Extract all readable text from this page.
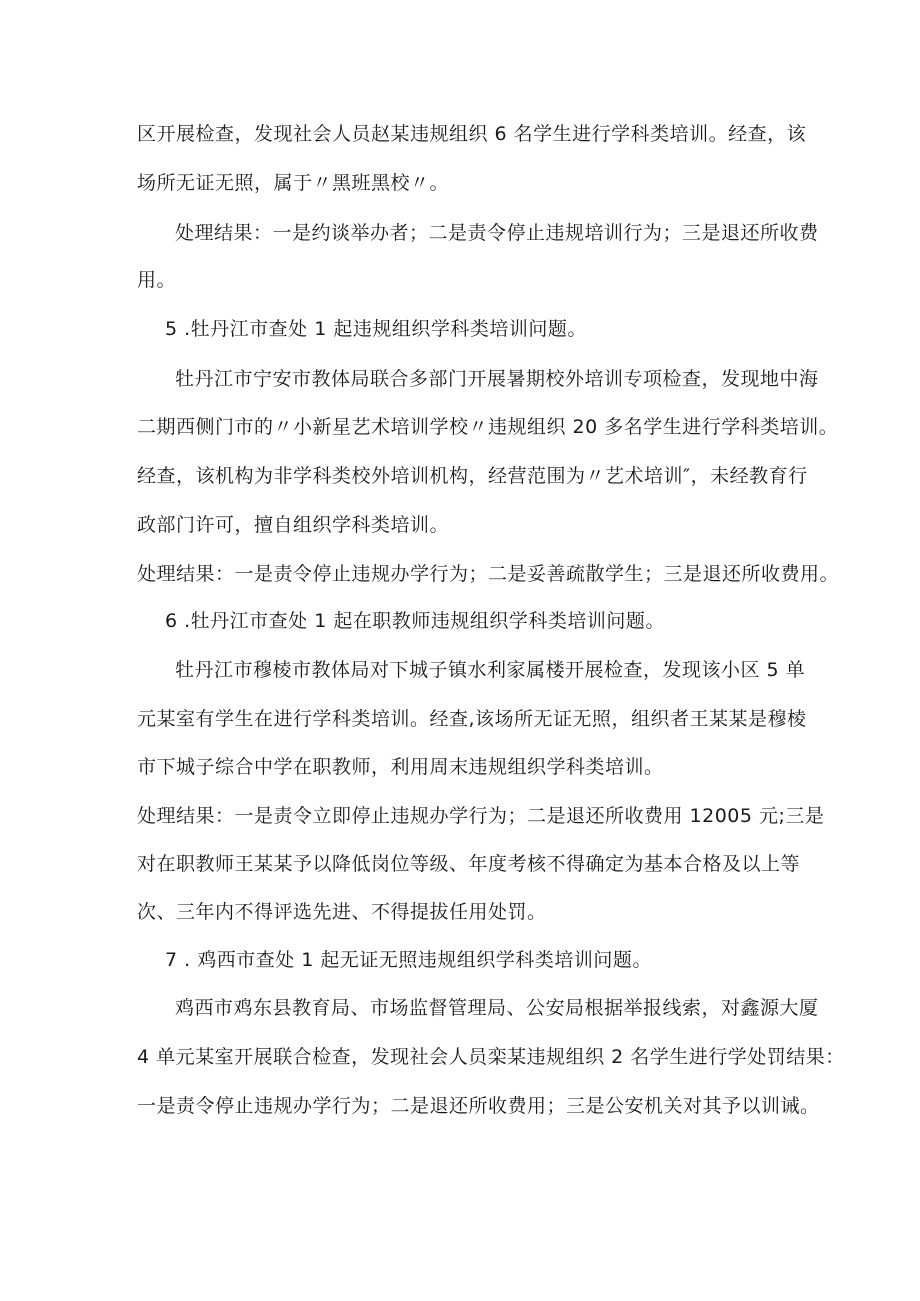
区开展检查，发现社会人员赵某违规组织 6 名学生进行学科类培训。经查，该
场所无证无照，属于〃黑班黑校〃。
处理结果：一是约谈举办者；二是责令停止违规培训行为；三是退还所收费
用。
5 .牡丹江市查处 1 起违规组织学科类培训问题。
牡丹江市宁安市教体局联合多部门开展暑期校外培训专项检查，发现地中海
二期西侧门市的〃小新星艺术培训学校〃违规组织 20 多名学生进行学科类培训。
经查，该机构为非学科类校外培训机构，经营范围为〃艺术培训″，未经教育行
政部门许可，擅自组织学科类培训。
处理结果：一是责令停止违规办学行为；二是妥善疏散学生；三是退还所收费用。
6 .牡丹江市查处 1 起在职教师违规组织学科类培训问题。
牡丹江市穆棱市教体局对下城子镇水利家属楼开展检查，发现该小区 5 单
元某室有学生在进行学科类培训。经查,该场所无证无照，组织者王某某是穆棱
市下城子综合中学在职教师，利用周末违规组织学科类培训。
处理结果：一是责令立即停止违规办学行为；二是退还所收费用 12005 元;三是
对在职教师王某某予以降低岗位等级、年度考核不得确定为基本合格及以上等
次、三年内不得评选先进、不得提拔任用处罚。
7 . 鸡西市查处 1 起无证无照违规组织学科类培训问题。
鸡西市鸡东县教育局、市场监督管理局、公安局根据举报线索，对鑫源大厦
4 单元某室开展联合检查，发现社会人员栾某违规组织 2 名学生进行学处罚结果：
一是责令停止违规办学行为；二是退还所收费用；三是公安机关对其予以训诫。
